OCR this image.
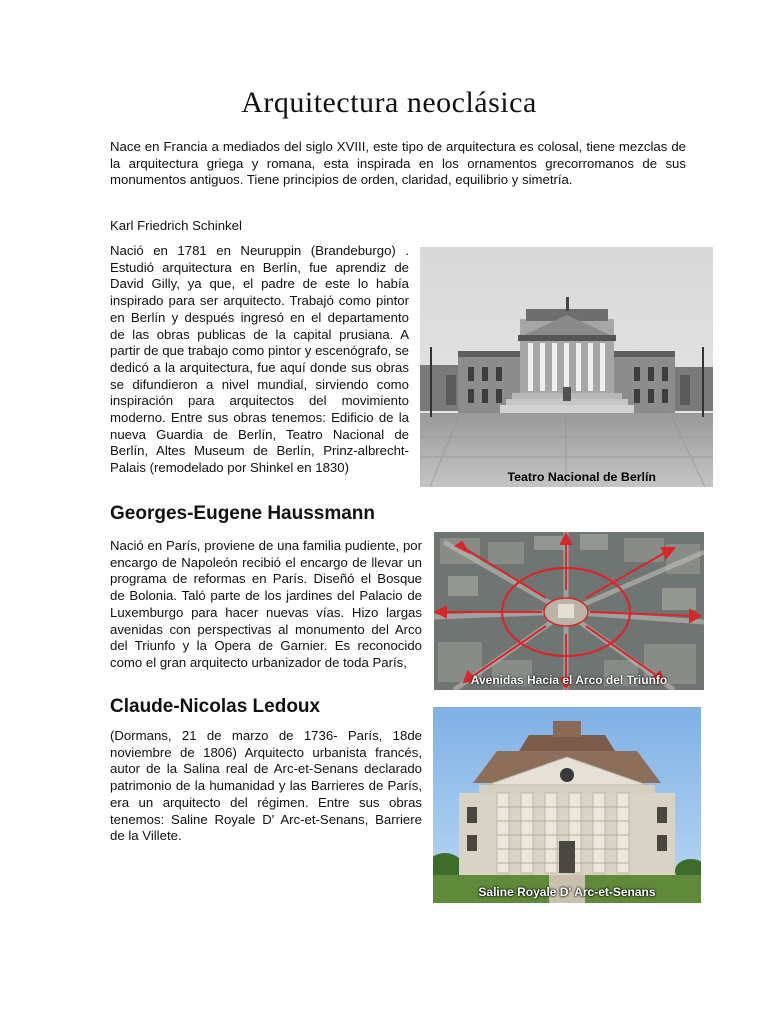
Arquitectura neoclásica
Nace en Francia a mediados del siglo XVIII, este tipo de arquitectura es colosal, tiene mezclas de la arquitectura griega y romana, esta inspirada en los ornamentos grecorromanos de sus monumentos antiguos. Tiene principios de orden, claridad, equilibrio y simetría.
Karl Friedrich Schinkel
Nació en 1781 en Neuruppin (Brandeburgo) . Estudió arquitectura en Berlín, fue aprendiz de David Gilly, ya que, el padre de este lo había inspirado para ser arquitecto. Trabajó como pintor en Berlín y después ingresó en el departamento de las obras publicas de la capital prusiana. A partir de que trabajo como pintor y escenógrafo, se dedicó a la arquitectura, fue aquí donde sus obras se difundieron a nivel mundial, sirviendo como inspiración para arquitectos del movimiento moderno. Entre sus obras tenemos: Edificio de la nueva Guardia de Berlín, Teatro Nacional de Berlín, Altes Museum de Berlín, Prinz-albrecht-Palais (remodelado por Shinkel en 1830)
Teatro Nacional de Berlín
Georges-Eugene Haussmann
Nació en París, proviene de una familia pudiente, por encargo de Napoleón recibió el encargo de llevar un programa de reformas en París. Diseñó el Bosque de Bolonia. Taló parte de los jardines del Palacio de Luxemburgo para hacer nuevas vías. Hizo largas avenidas con perspectivas al monumento del Arco del Triunfo y la Opera de Garnier. Es reconocido como el gran arquitecto urbanizador de toda París,
Avenidas Hacia el Arco del Triunfo
Claude-Nicolas Ledoux
(Dormans, 21 de marzo de 1736- París, 18de noviembre de 1806) Arquitecto urbanista francés, autor de la Salina real de Arc-et-Senans declarado patrimonio de la humanidad y las Barrieres de París, era un arquitecto del régimen. Entre sus obras tenemos: Saline Royale D' Arc-et-Senans, Barriere de la Villete.
Saline Royale D' Arc-et-Senans
